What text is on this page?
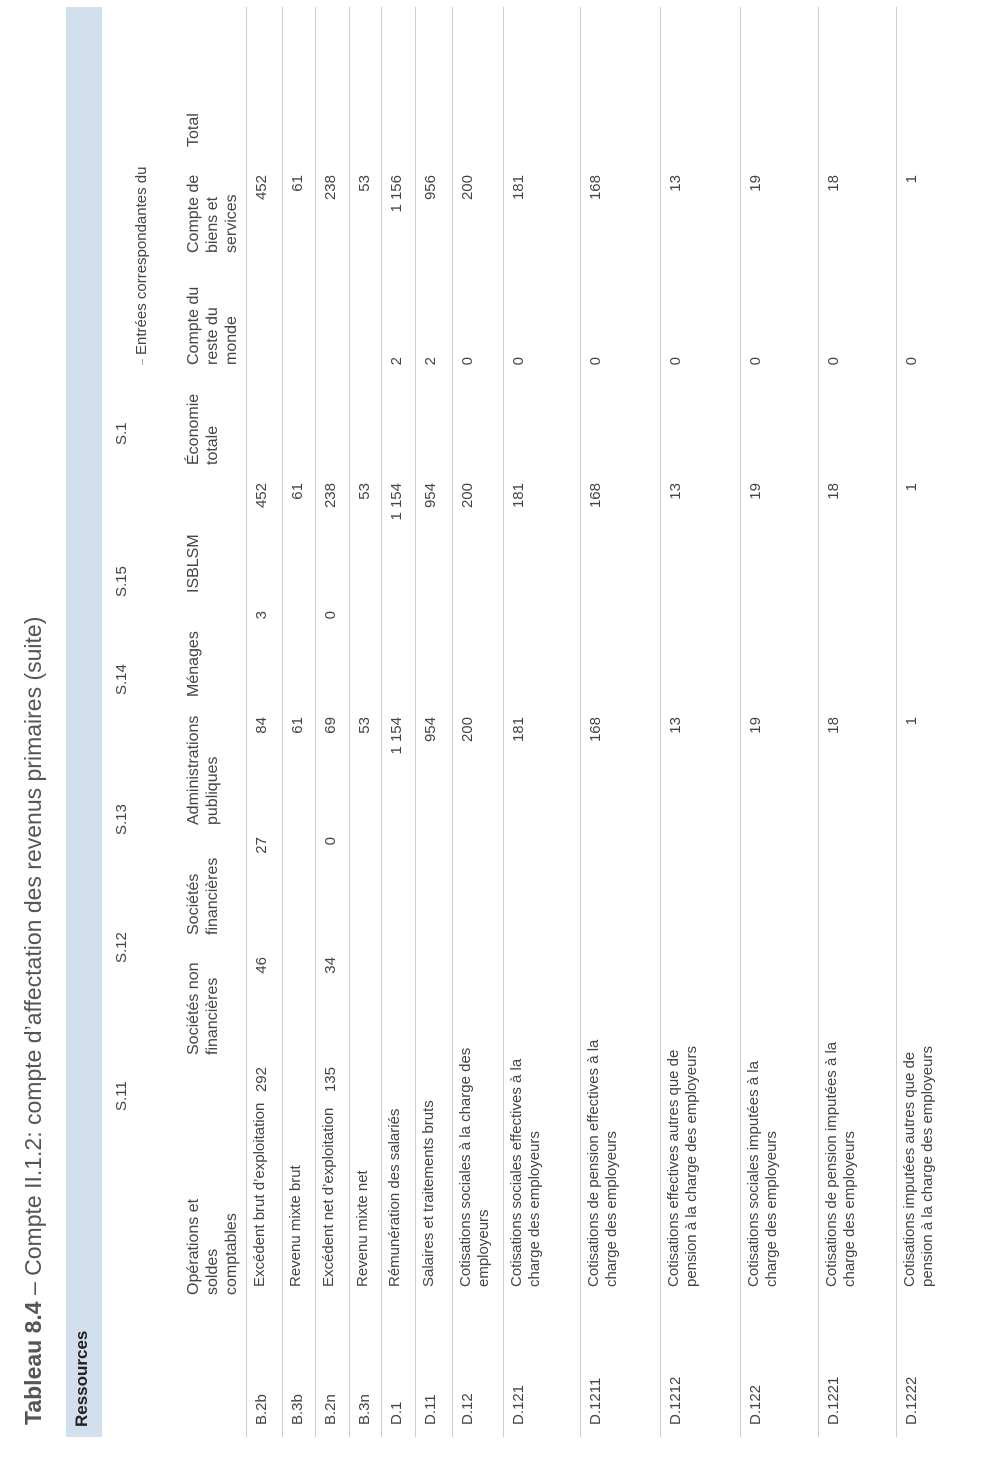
Tableau 8.4 – Compte II.1.2: compte d’affectation des revenus primaires (suite)
Ressources
S.11
S.12
S.13
S.14
S.15
S.1
Entrées correspondantes du
Opérations et soldes comptables
Sociétés non financières
Sociétés financières
Administrations publiques
Ménages
ISBLSM
Économie totale
Compte du reste du monde
Compte de biens et services
Total
B.2b
Excédent brut d’exploitation
292
46
27
84
3
452
452
B.3b
Revenu mixte brut
61
61
61
B.2n
Excédent net d’exploitation
135
34
0
69
0
238
238
B.3n
Revenu mixte net
53
53
53
D.1
Rémunération des salariés
1 154
1 154
2
1 156
D.11
Salaires et traitements bruts
954
954
2
956
D.12
Cotisations sociales à la charge des employeurs
200
200
0
200
D.121
Cotisations sociales effectives à la charge des employeurs
181
181
0
181
D.1211
Cotisations de pension effectives à la charge des employeurs
168
168
0
168
D.1212
Cotisations effectives autres que de pension à la charge des employeurs
13
13
0
13
D.122
Cotisations sociales imputées à la charge des employeurs
19
19
0
19
D.1221
Cotisations de pension imputées à la charge des employeurs
18
18
0
18
D.1222
Cotisations imputées autres que de pension à la charge des employeurs
1
1
0
1
